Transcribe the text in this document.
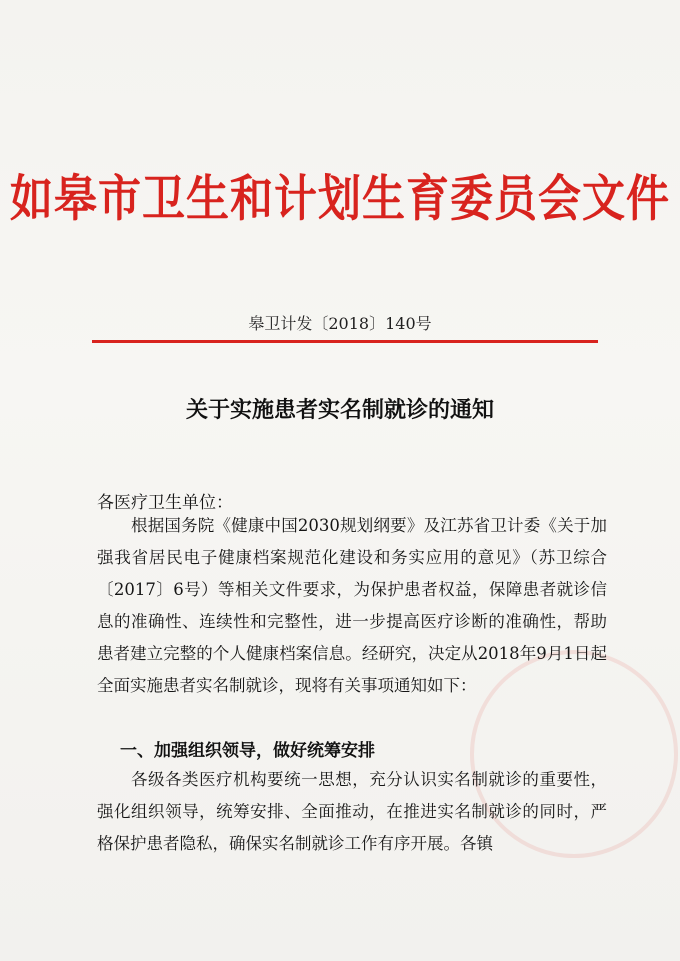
如皋市卫生和计划生育委员会文件
皋卫计发〔2018〕140号
关于实施患者实名制就诊的通知
各医疗卫生单位：
根据国务院《健康中国2030规划纲要》及江苏省卫计委《关于加强我省居民电子健康档案规范化建设和务实应用的意见》（苏卫综合〔2017〕6号）等相关文件要求，为保护患者权益，保障患者就诊信息的准确性、连续性和完整性，进一步提高医疗诊断的准确性，帮助患者建立完整的个人健康档案信息。经研究，决定从2018年9月1日起全面实施患者实名制就诊，现将有关事项通知如下：
一、加强组织领导，做好统筹安排
各级各类医疗机构要统一思想，充分认识实名制就诊的重要性，强化组织领导，统筹安排、全面推动，在推进实名制就诊的同时，严格保护患者隐私，确保实名制就诊工作有序开展。各镇
